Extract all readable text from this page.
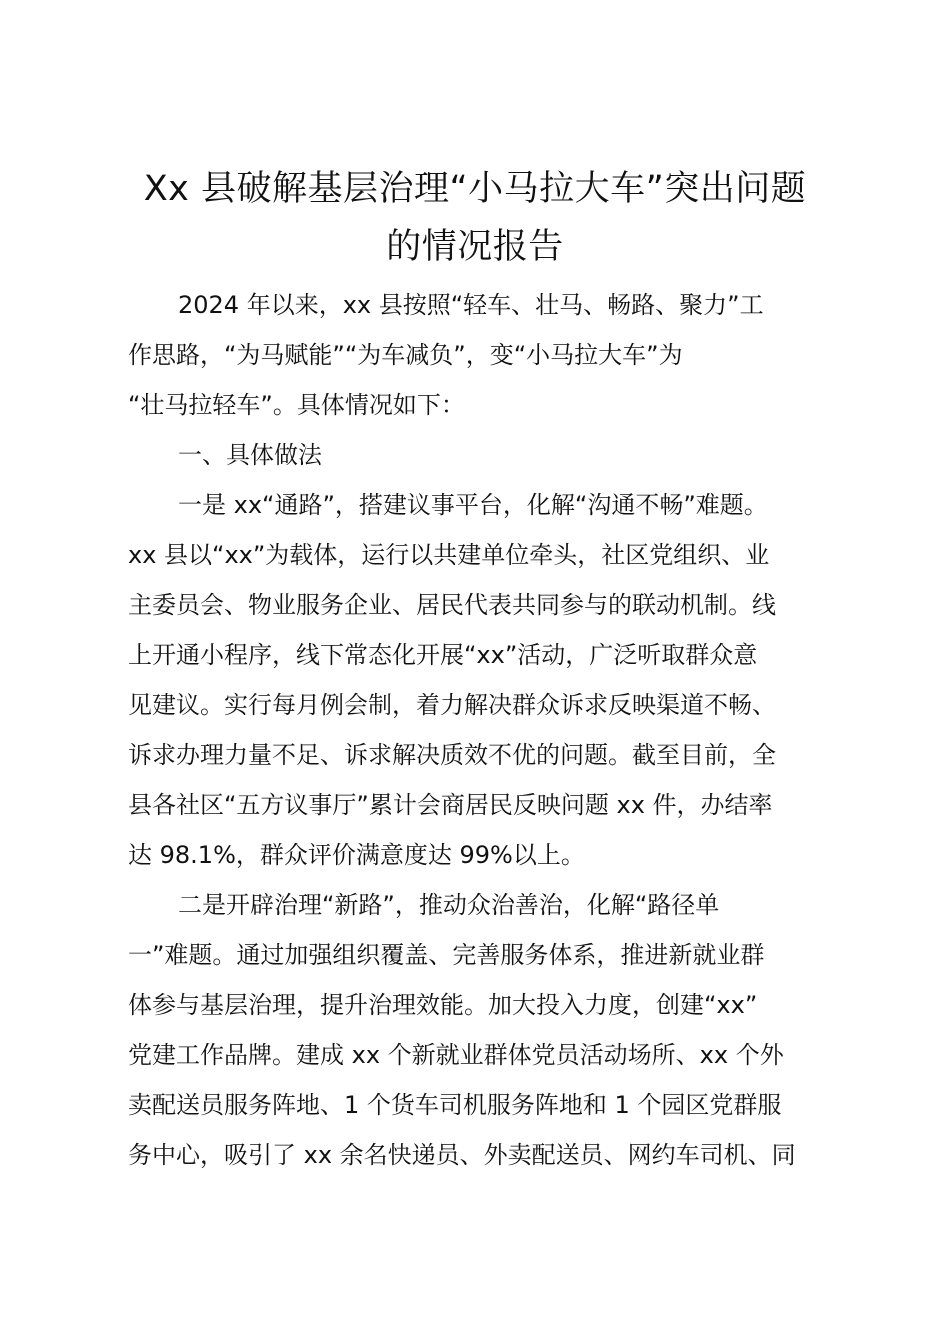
Xx 县破解基层治理“小马拉大车”突出问题
的情况报告
2024 年以来，xx 县按照“轻车、壮马、畅路、聚力”工
作思路，“为马赋能”“为车减负”，变“小马拉大车”为
“壮马拉轻车”。具体情况如下：
一、具体做法
一是 xx“通路”，搭建议事平台，化解“沟通不畅”难题。
xx 县以“xx”为载体，运行以共建单位牵头，社区党组织、业
主委员会、物业服务企业、居民代表共同参与的联动机制。线
上开通小程序，线下常态化开展“xx”活动，广泛听取群众意
见建议。实行每月例会制，着力解决群众诉求反映渠道不畅、
诉求办理力量不足、诉求解决质效不优的问题。截至目前，全
县各社区“五方议事厅”累计会商居民反映问题 xx 件，办结率
达 98.1%，群众评价满意度达 99%以上。
二是开辟治理“新路”，推动众治善治，化解“路径单
一”难题。通过加强组织覆盖、完善服务体系，推进新就业群
体参与基层治理，提升治理效能。加大投入力度，创建“xx”
党建工作品牌。建成 xx 个新就业群体党员活动场所、xx 个外
卖配送员服务阵地、1 个货车司机服务阵地和 1 个园区党群服
务中心，吸引了 xx 余名快递员、外卖配送员、网约车司机、同
